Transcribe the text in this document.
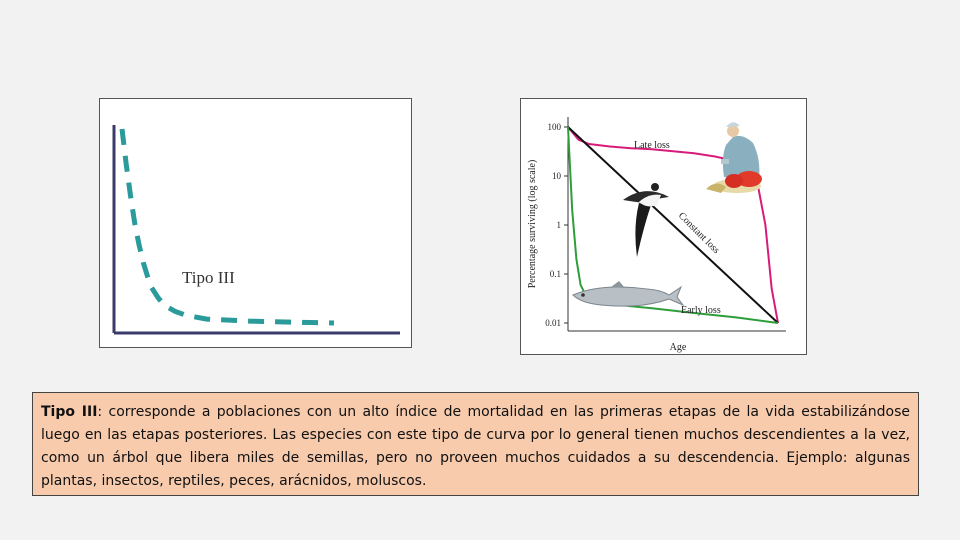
Tipo III
100
10
1
0.1
0.01
Age
Percentage surviving (log scale)
Late loss
Constant loss
Early loss
Tipo III: corresponde a poblaciones con un alto índice de mortalidad en las primeras etapas de la vida estabilizándose luego en las etapas posteriores. Las especies con este tipo de curva por lo general tienen muchos descendientes a la vez, como un árbol que libera miles de semillas, pero no proveen muchos cuidados a su descendencia. Ejemplo: algunas plantas, insectos, reptiles, peces, arácnidos, moluscos.
